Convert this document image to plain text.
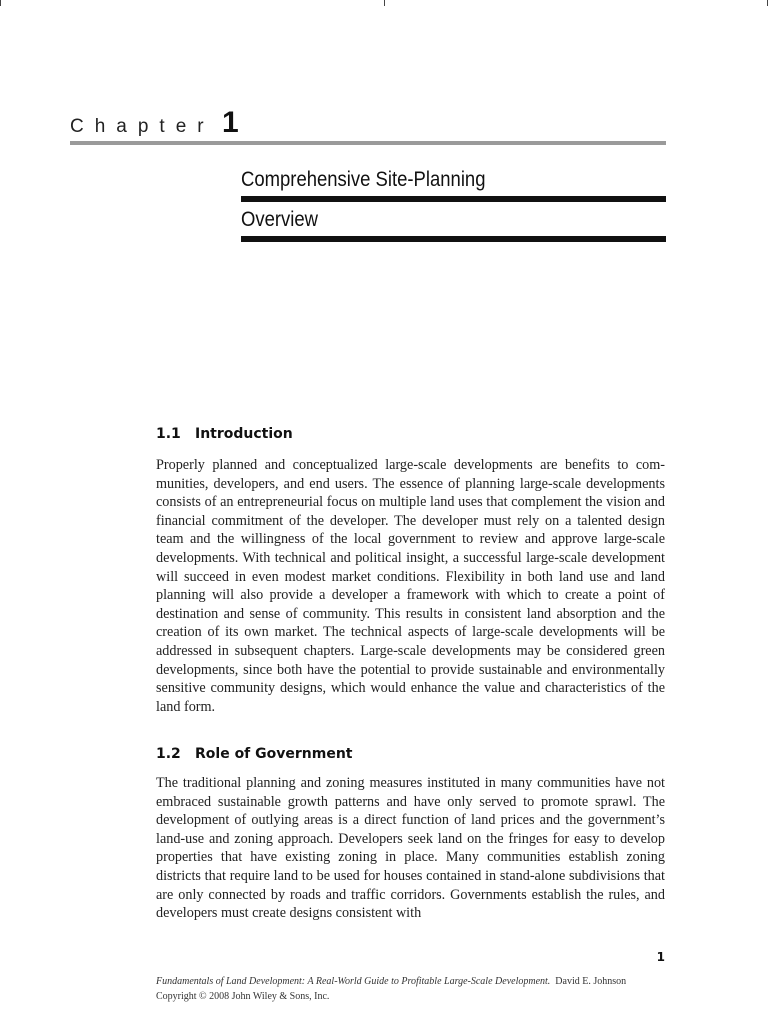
Chapter 1
Comprehensive Site-Planning
Overview
1.1 Introduction

Properly planned and conceptualized large-scale developments are benefits to communities, developers, and end users. The essence of planning large-scale developments consists of an entrepreneurial focus on multiple land uses that complement the vision and financial commitment of the developer. The developer must rely on a talented design team and the willingness of the local government to review and approve large-scale developments. With technical and political insight, a successful large-scale development will succeed in even modest market conditions. Flexibility in both land use and land planning will also provide a developer a framework with which to create a point of destination and sense of community. This results in consistent land absorption and the creation of its own market. The technical aspects of large-scale developments will be addressed in subsequent chapters. Large-scale developments may be considered green developments, since both have the potential to provide sustainable and environmentally sensitive community designs, which would enhance the value and characteristics of the land form.

1.2 Role of Government

The traditional planning and zoning measures instituted in many communities have not embraced sustainable growth patterns and have only served to promote sprawl. The development of outlying areas is a direct function of land prices and the government’s land-use and zoning approach. Developers seek land on the fringes for easy to develop properties that have existing zoning in place. Many communities establish zoning districts that require land to be used for houses contained in stand-alone subdivisions that are only connected by roads and traffic corridors. Governments establish the rules, and developers must create designs consistent with

1
Fundamentals of Land Development: A Real-World Guide to Profitable Large-Scale Development. David E. Johnson
Copyright © 2008 John Wiley & Sons, Inc.
